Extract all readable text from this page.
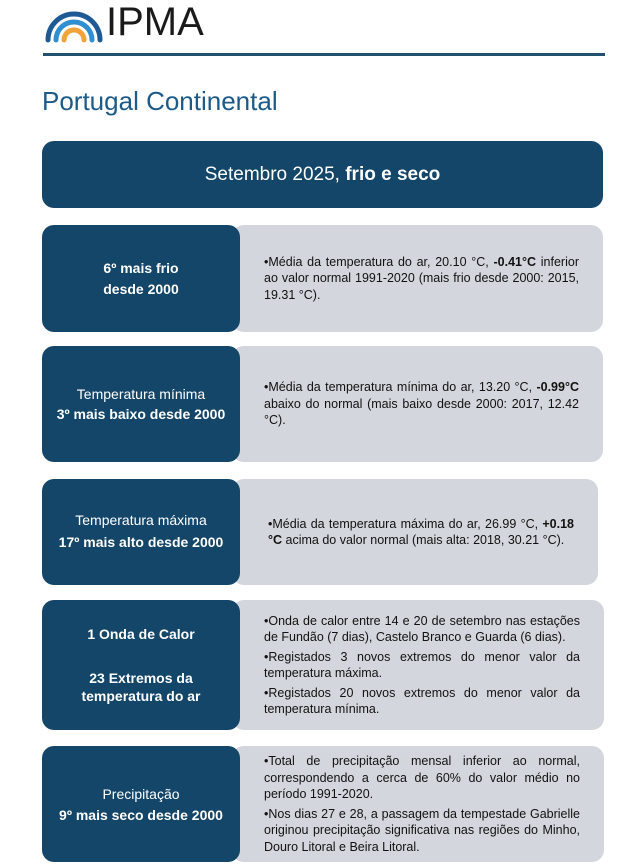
IPMA
Portugal Continental
Setembro 2025, frio e seco
6º mais frio
desde 2000

•Média da temperatura do ar, 20.10 °C, -0.41°C inferior ao valor normal 1991-2020 (mais frio desde 2000: 2015, 19.31 °C).

Temperatura mínima
3º mais baixo desde 2000

•Média da temperatura mínima do ar, 13.20 °C, -0.99°C abaixo do normal (mais baixo desde 2000: 2017, 12.42 °C).

Temperatura máxima
17º mais alto desde 2000

•Média da temperatura máxima do ar, 26.99 °C, +0.18 °C acima do valor normal (mais alta: 2018, 30.21 °C).

1 Onda de Calor
23 Extremos da temperatura do ar

•Onda de calor entre 14 e 20 de setembro nas estações de Fundão (7 dias), Castelo Branco e Guarda (6 dias).

•Registados 3 novos extremos do menor valor da temperatura máxima.

•Registados 20 novos extremos do menor valor da temperatura mínima.

Precipitação
9º mais seco desde 2000

•Total de precipitação mensal inferior ao normal, correspondendo a cerca de 60% do valor médio no período 1991-2020.

•Nos dias 27 e 28, a passagem da tempestade Gabrielle originou precipitação significativa nas regiões do Minho, Douro Litoral e Beira Litoral.
